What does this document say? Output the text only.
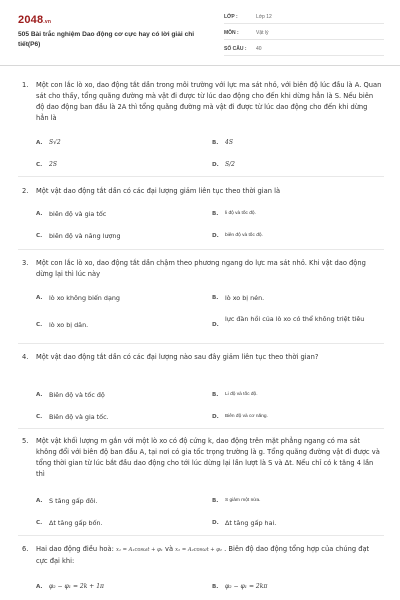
2048.vn
505 Bài trắc nghiệm Dao động cơ cực hay có lời giải chi tiết(P6)
LỚP :	Lớp 12
MÔN :	Vật lý
SỐ CÂU : 40
1. Một con lắc lò xo, dao động tắt dần trong môi trường với lực ma sát nhỏ, với biên độ lúc đầu là A. Quan sát cho thấy, tổng quãng đường mà vật đi được từ lúc dao động cho đến khi dừng hẳn là S. Nếu biên độ dao động ban đầu là 2A thì tổng quãng đường mà vật đi được từ lúc dao động cho đến khi dừng hẳn là
A. S√2	B. 4S
C. 2S	D. S/2
2. Một vật dao động tắt dần có các đại lượng giảm liên tục theo thời gian là
A. biên độ và gia tốc	B. li độ và tốc độ.
C. biên độ và năng lượng	D. biên độ và tốc độ.
3. Một con lắc lò xo, dao động tắt dần chậm theo phương ngang do lực ma sát nhỏ. Khi vật dao động dừng lại thì lúc này
A. lò xo không biến dạng	B. lò xo bị nén.
C. lò xo bị dãn.	D.
lực đàn hồi của lò xo có thể không triệt tiêu
4. Một vật dao động tắt dần có các đại lượng nào sau đây giảm liên tục theo thời gian?
A. Biên độ và tốc độ	B. Li độ và tốc độ.
C. Biên độ và gia tốc.	D. Biên độ và cơ năng.
5. Một vật khối lượng m gắn với một lò xo có độ cứng k, dao động trên mặt phẳng ngang có ma sát không đổi với biên độ ban đầu A, tại nơi có gia tốc trọng trường là g. Tổng quãng đường vật đi được và tổng thời gian từ lúc bắt đầu dao động cho tới lúc dừng lại lần lượt là S và Δt. Nếu chỉ có k tăng 4 lần thì
A. S tăng gấp đôi.	B. S giảm một nửa.
C. Δt tăng gấp bốn.	D. Δt tăng gấp hai.
6. Hai dao động điều hoà: x₁ = A₁cosωt + φ₁ và x₂ = A₂cosωt + φ₂ . Biên độ dao động tổng hợp của chúng đạt cực đại khi:
A. φ₂ − φ₁ = 2k + 1π	B. φ₂ − φ₁ = 2kπ
